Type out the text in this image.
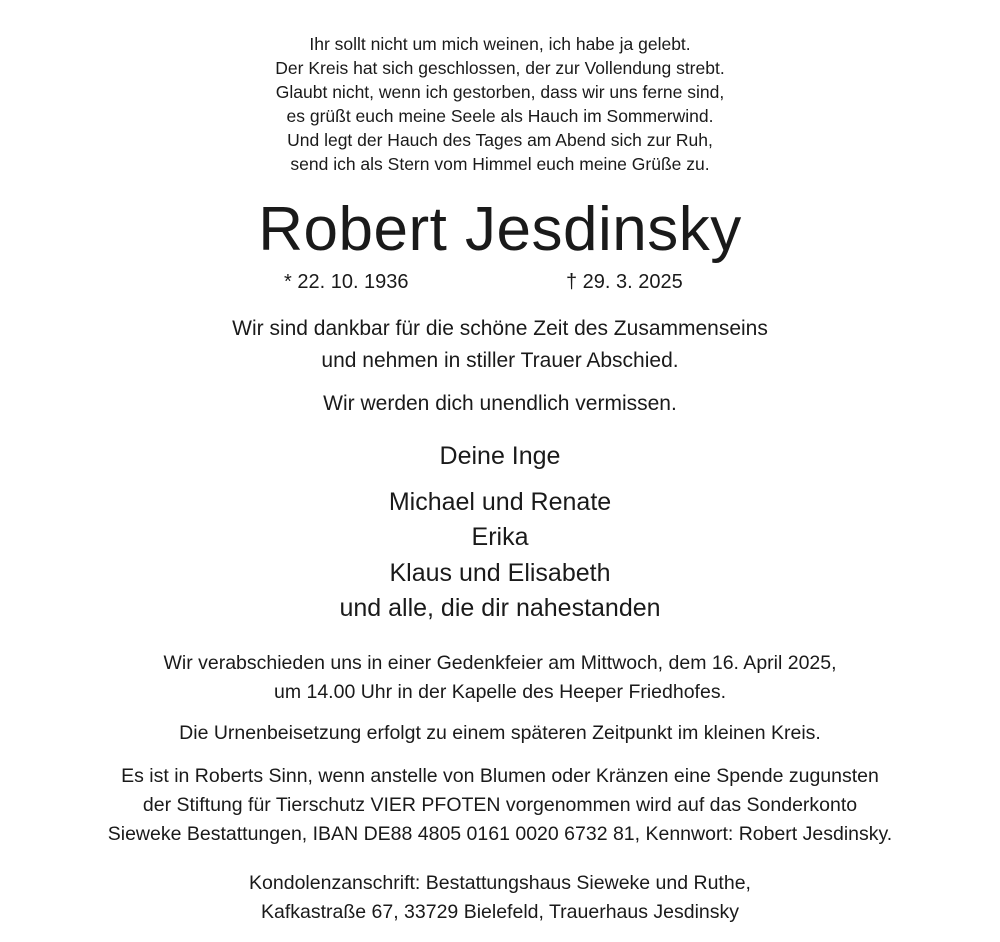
Ihr sollt nicht um mich weinen, ich habe ja gelebt.
Der Kreis hat sich geschlossen, der zur Vollendung strebt.
Glaubt nicht, wenn ich gestorben, dass wir uns ferne sind,
es grüßt euch meine Seele als Hauch im Sommerwind.
Und legt der Hauch des Tages am Abend sich zur Ruh,
send ich als Stern vom Himmel euch meine Grüße zu.
Robert Jesdinsky
* 22. 10. 1936	† 29. 3. 2025
Wir sind dankbar für die schöne Zeit des Zusammenseins
und nehmen in stiller Trauer Abschied.
Wir werden dich unendlich vermissen.
Deine Inge
Michael und Renate
Erika
Klaus und Elisabeth
und alle, die dir nahestanden
Wir verabschieden uns in einer Gedenkfeier am Mittwoch, dem 16. April 2025,
um 14.00 Uhr in der Kapelle des Heeper Friedhofes.
Die Urnenbeisetzung erfolgt zu einem späteren Zeitpunkt im kleinen Kreis.
Es ist in Roberts Sinn, wenn anstelle von Blumen oder Kränzen eine Spende zugunsten
der Stiftung für Tierschutz VIER PFOTEN vorgenommen wird auf das Sonderkonto
Sieweke Bestattungen, IBAN DE88 4805 0161 0020 6732 81, Kennwort: Robert Jesdinsky.
Kondolenzanschrift: Bestattungshaus Sieweke und Ruthe,
Kafkastraße 67, 33729 Bielefeld, Trauerhaus Jesdinsky
